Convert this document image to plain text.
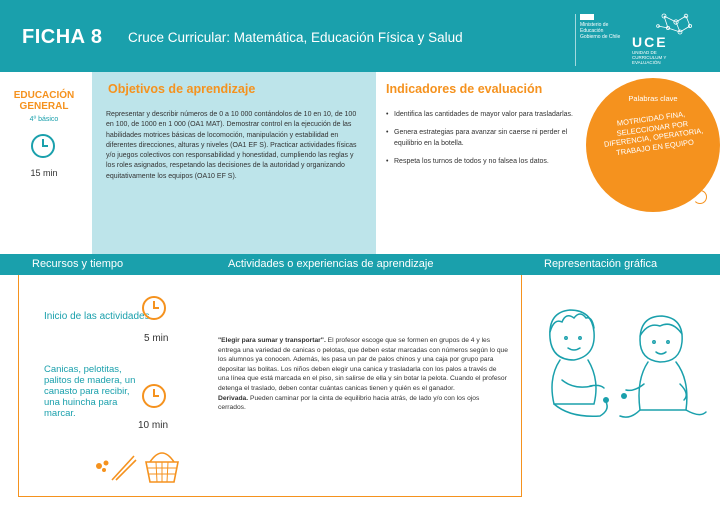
FICHA 8 Cruce Curricular: Matemática, Educación Física y Salud
Ministerio de Educación Gobierno de Chile UCE
UNIDAD DE CURRICULUM Y EVALUACIÓN
EDUCACIÓN GENERAL
4º básico
15 min
Objetivos de aprendizaje
Representar y describir números de 0 a 10 000 contándolos de 10 en 10, de 100 en 100, de 1000 en 1 000 (OA1 MAT). Demostrar control en la ejecución de las habilidades motrices básicas de locomoción, manipulación y estabilidad en diferentes direcciones, alturas y niveles (OA1 EF S). Practicar actividades físicas y/o juegos colectivos con responsabilidad y honestidad, cumpliendo las reglas y los roles asignados, respetando las decisiones de la autoridad y organizando equitativamente los equipos (OA10 EF S).
Indicadores de evaluación
• Identifica las cantidades de mayor valor para trasladarlas.
• Genera estrategias para avanzar sin caerse ni perder el equilibrio en la botella.
• Respeta los turnos de todos y no falsea los datos.
Palabras clave
MOTRICIDAD FINA, SELECCIONAR POR DIFERENCIA, OPERATORIA, TRABAJO EN EQUIPO
Recursos y tiempo	Actividades o experiencias de aprendizaje	Representación gráfica
Inicio de las actividades
5 min
Canicas, pelotitas, palitos de madera, un canasto para recibir, una huincha para marcar.
10 min
"Elegir para sumar y transportar". El profesor escoge que se formen en grupos de 4 y les entrega una variedad de canicas o pelotas, que deben estar marcadas con números según lo que los alumnos ya conocen. Además, les pasa un par de palos chinos y una caja por grupo para depositar las bolitas. Los niños deben elegir una canica y trasladarla con los palos a través de una línea que está marcada en el piso, sin salirse de ella y sin botar la pelota. Cuando el profesor detenga el traslado, deben contar cuántas canicas tienen y quién es el ganador.
Derivada. Pueden caminar por la cinta de equilibrio hacia atrás, de lado y/o con los ojos cerrados.
